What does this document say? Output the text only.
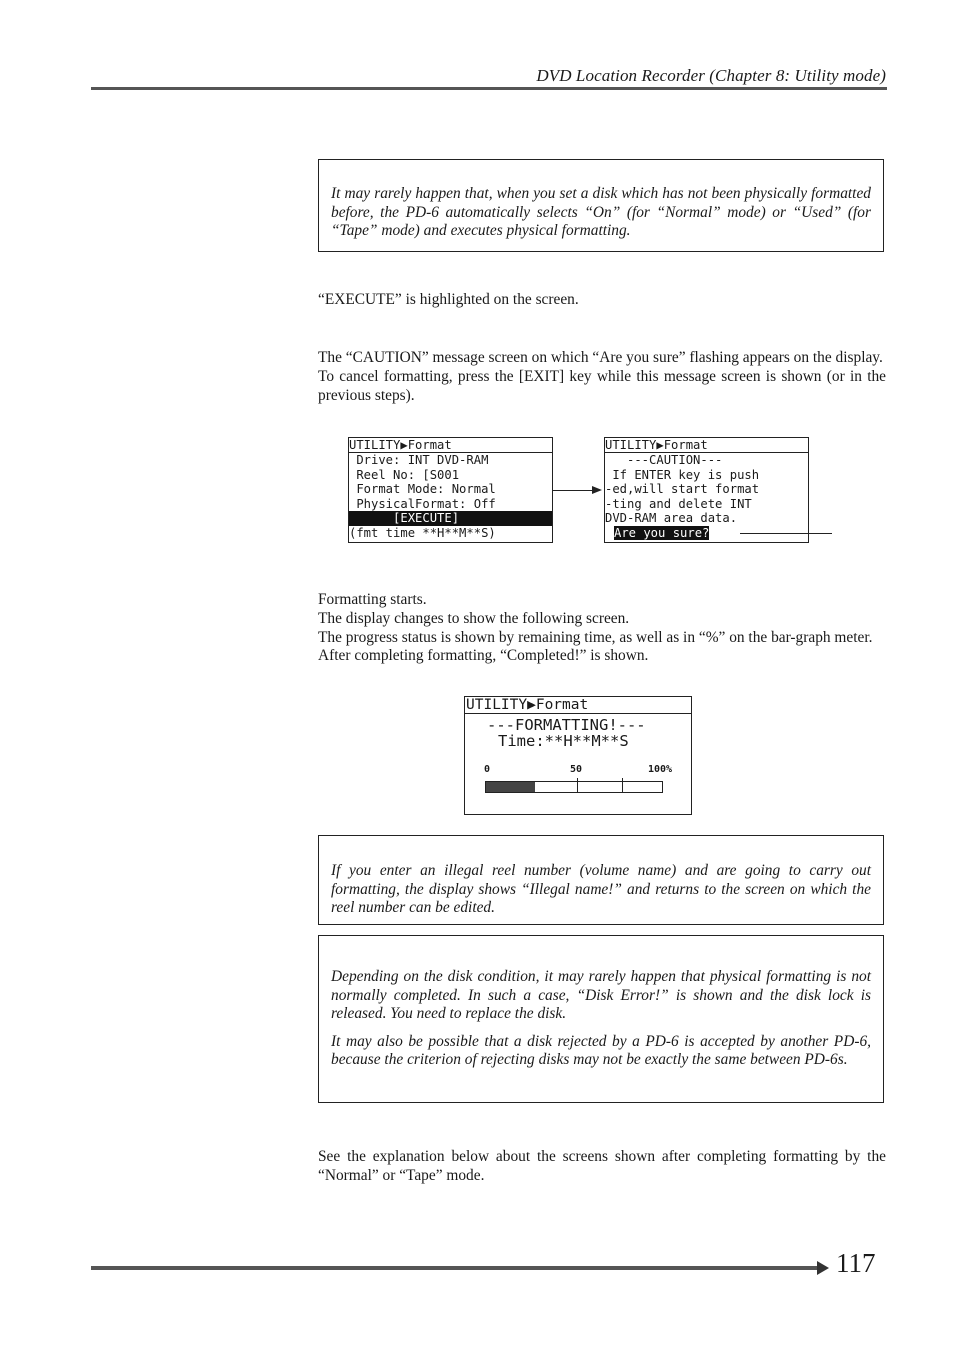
DVD Location Recorder (Chapter 8: Utility mode)

It may rarely happen that, when you set a disk which has not been physically formatted before, the PD-6 automatically selects “On” (for “Normal” mode) or “Used” (for “Tape” mode) and executes physical formatting.

“EXECUTE” is highlighted on the screen.

The “CAUTION” message screen on which “Are you sure” flashing appears on the display.

To cancel formatting, press the [EXIT] key while this message screen is shown (or in the previous steps).

UTILITY▶Format
Drive: INT DVD-RAM
Reel No: [S001
Format Mode: Normal
PhysicalFormat: Off
[EXECUTE]
(fmt time **H**M**S)
UTILITY▶Format
---CAUTION---
If ENTER key is push
-ed,will start format
-ting and delete INT
DVD-RAM area data.
Are you sure?

Formatting starts.

The display changes to show the following screen.

The progress status is shown by remaining time, as well as in “%” on the bar-graph meter.

After completing formatting, “Completed!” is shown.

UTILITY▶Format
---FORMATTING!---
Time:**H**M**S
0	50	100%

If you enter an illegal reel number (volume name) and are going to carry out formatting, the display shows “Illegal name!” and returns to the screen on which the reel number can be edited.

Depending on the disk condition, it may rarely happen that physical formatting is not normally completed. In such a case, “Disk Error!” is shown and the disk lock is released. You need to replace the disk.

It may also be possible that a disk rejected by a PD-6 is accepted by another PD-6, because the criterion of rejecting disks may not be exactly the same between PD-6s.

See the explanation below about the screens shown after completing formatting by the “Normal” or “Tape” mode.

117
